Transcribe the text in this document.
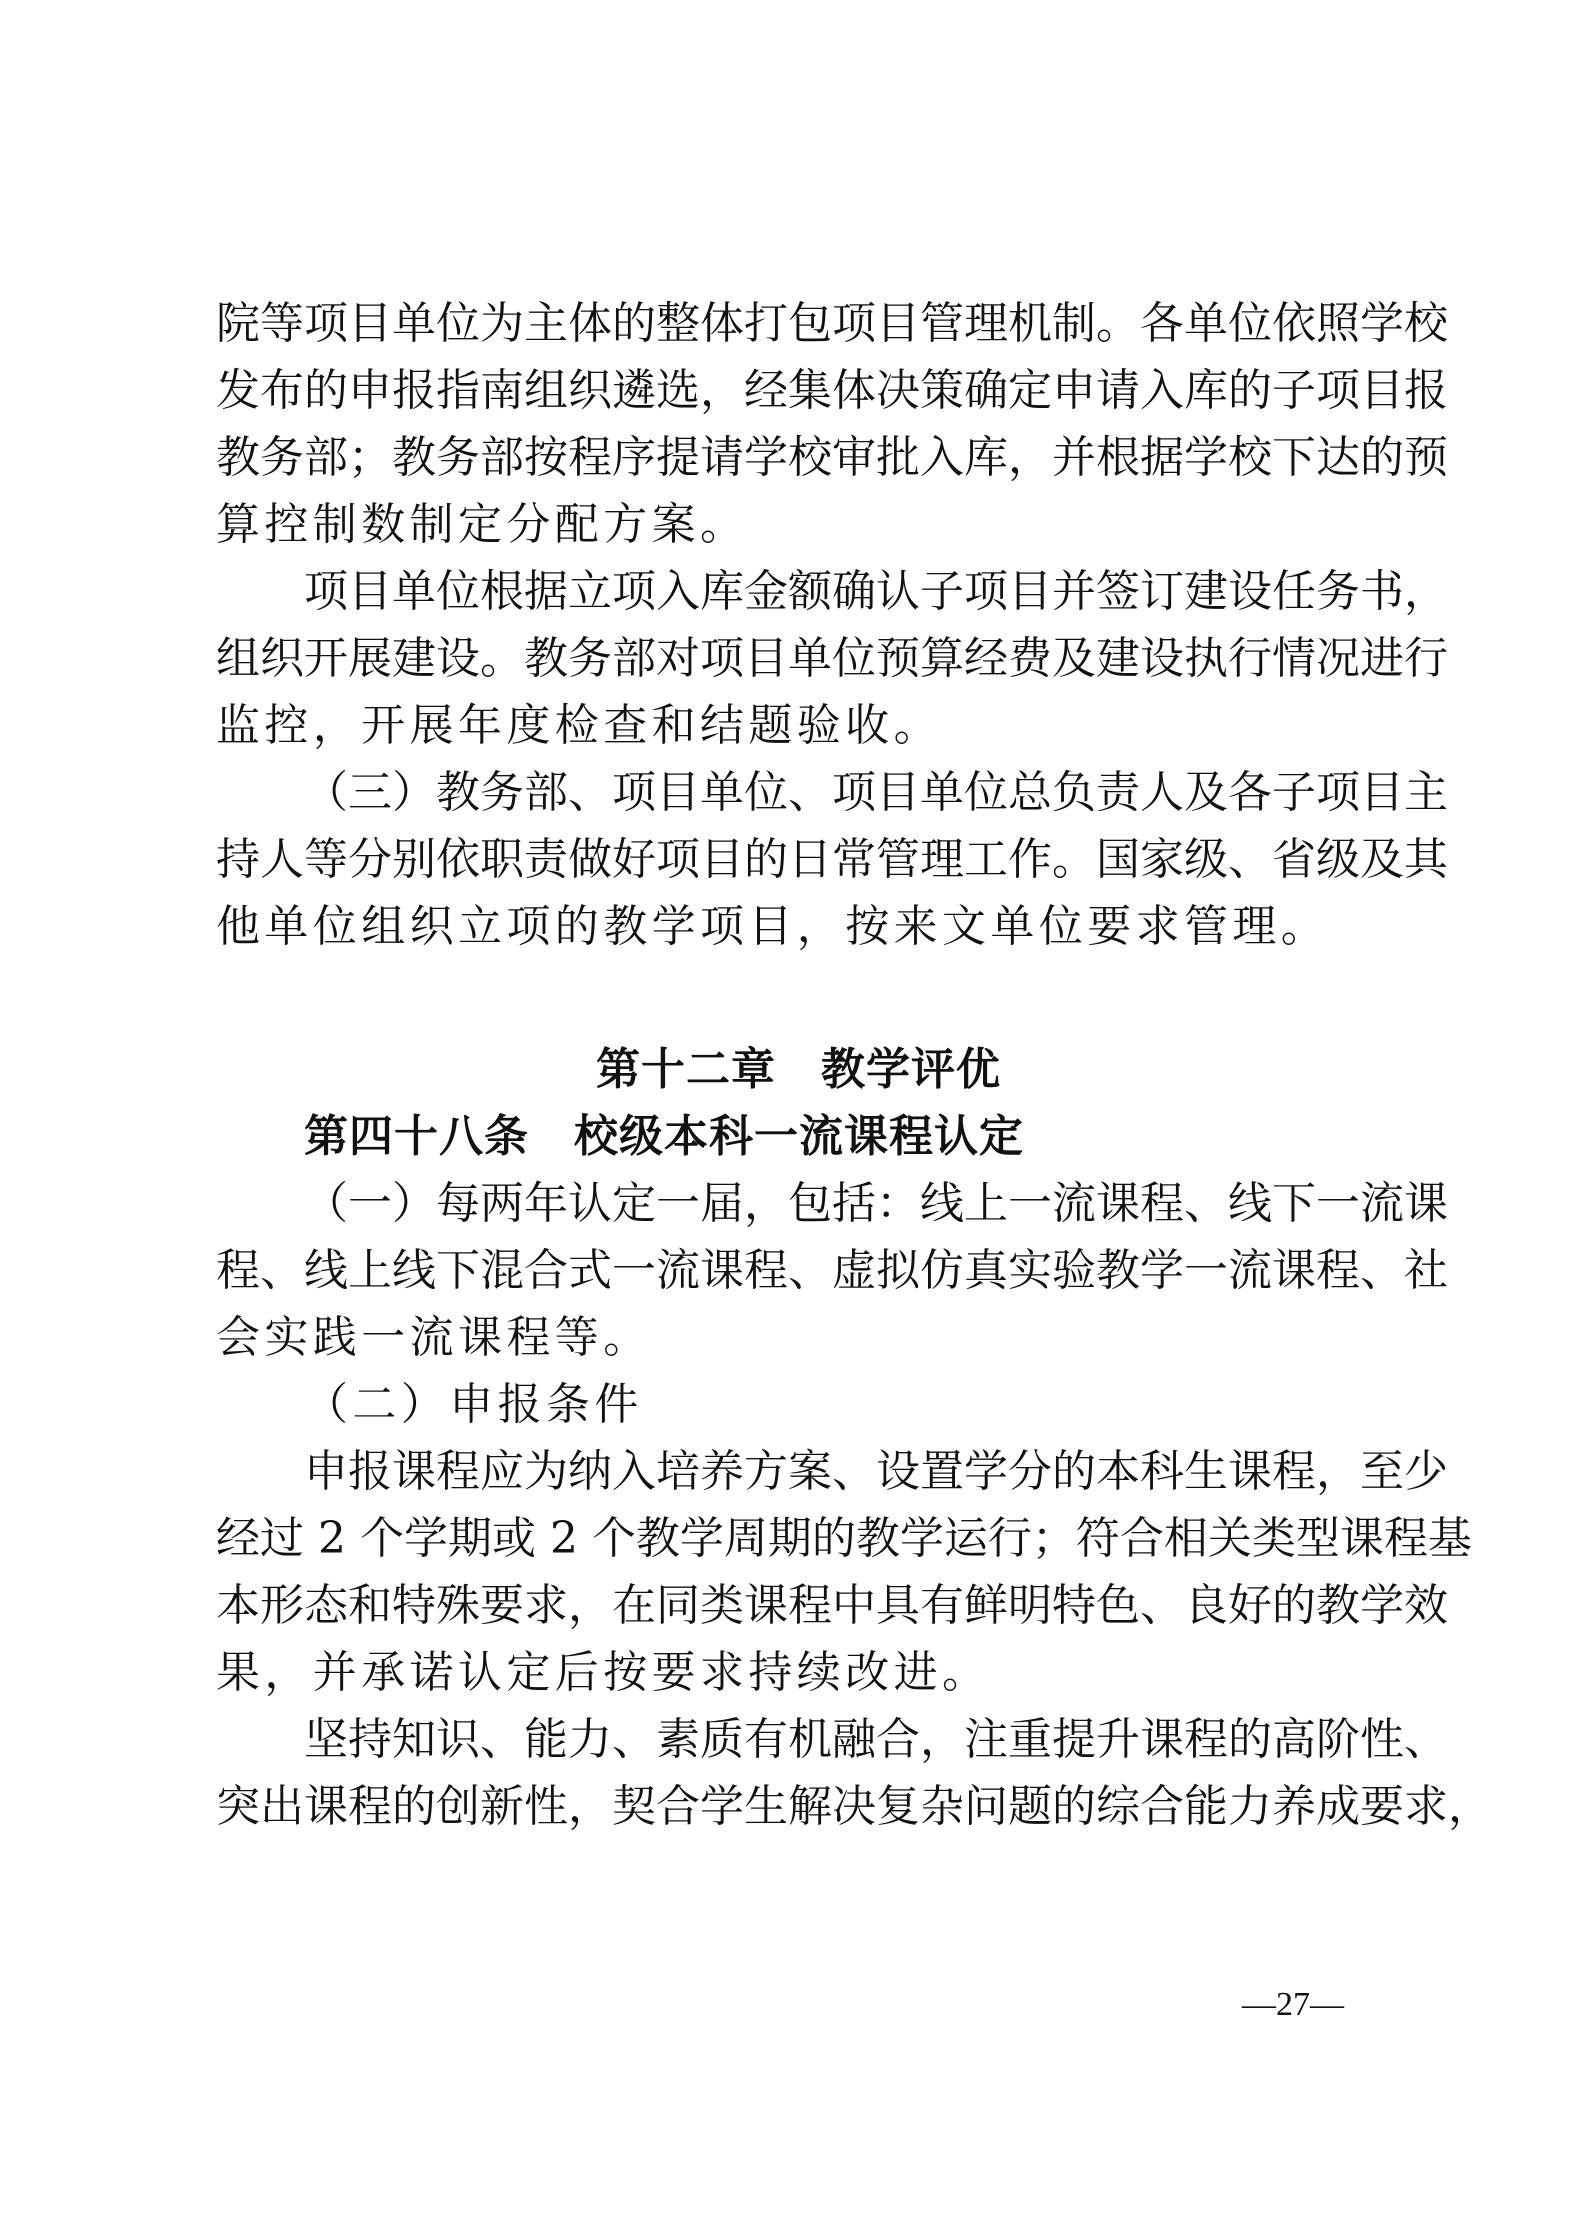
院等项目单位为主体的整体打包项目管理机制。各单位依照学校
发布的申报指南组织遴选，经集体决策确定申请入库的子项目报
教务部；教务部按程序提请学校审批入库，并根据学校下达的预
算控制数制定分配方案。
项目单位根据立项入库金额确认子项目并签订建设任务书，
组织开展建设。教务部对项目单位预算经费及建设执行情况进行
监控，开展年度检查和结题验收。
（三）教务部、项目单位、项目单位总负责人及各子项目主
持人等分别依职责做好项目的日常管理工作。国家级、省级及其
他单位组织立项的教学项目，按来文单位要求管理。
第十二章　教学评优
第四十八条　校级本科一流课程认定
（一）每两年认定一届，包括：线上一流课程、线下一流课
程、线上线下混合式一流课程、虚拟仿真实验教学一流课程、社
会实践一流课程等。
（二）申报条件
申报课程应为纳入培养方案、设置学分的本科生课程，至少
经过 2 个学期或 2 个教学周期的教学运行；符合相关类型课程基
本形态和特殊要求，在同类课程中具有鲜明特色、良好的教学效
果，并承诺认定后按要求持续改进。
坚持知识、能力、素质有机融合，注重提升课程的高阶性、
突出课程的创新性，契合学生解决复杂问题的综合能力养成要求，
—27—
